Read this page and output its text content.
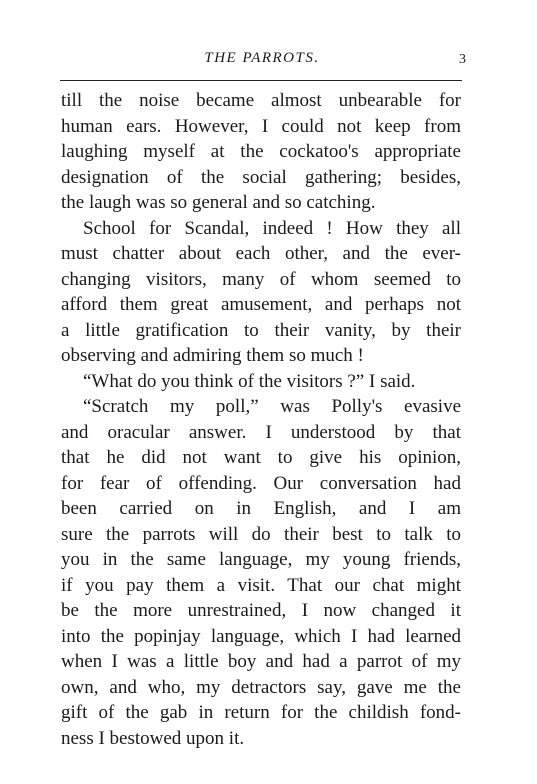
THE PARROTS.	3
till the noise became almost unbearable for
human ears. However, I could not keep from
laughing myself at the cockatoo's appropriate
designation of the social gathering; besides,
the laugh was so general and so catching.
School for Scandal, indeed ! How they all
must chatter about each other, and the ever-
changing visitors, many of whom seemed to
afford them great amusement, and perhaps not
a little gratification to their vanity, by their
observing and admiring them so much !
“What do you think of the visitors ?” I said.
“Scratch my poll,” was Polly's evasive
and oracular answer. I understood by that
that he did not want to give his opinion,
for fear of offending. Our conversation had
been carried on in English, and I am
sure the parrots will do their best to talk to
you in the same language, my young friends,
if you pay them a visit. That our chat might
be the more unrestrained, I now changed it
into the popinjay language, which I had learned
when I was a little boy and had a parrot of my
own, and who, my detractors say, gave me the
gift of the gab in return for the childish fond-
ness I bestowed upon it.
